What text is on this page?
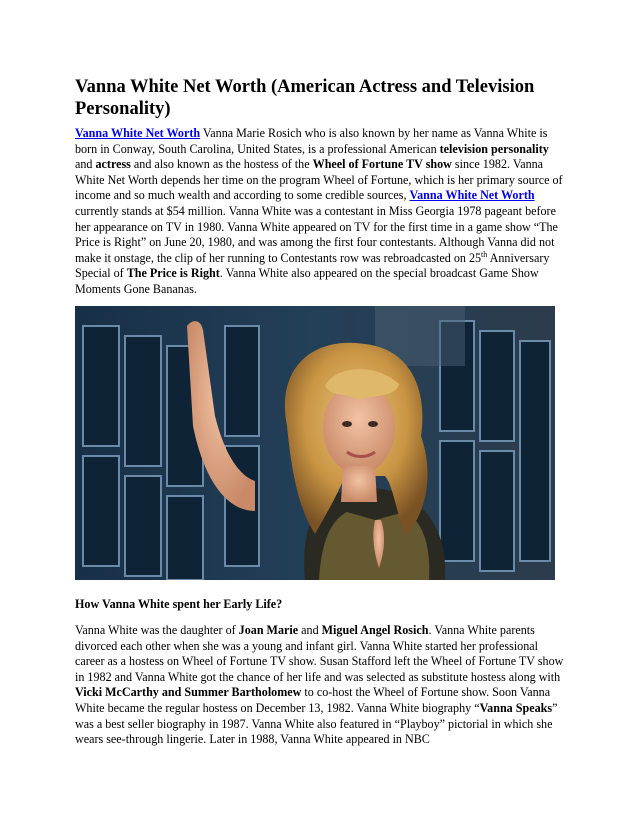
Vanna White Net Worth (American Actress and Television Personality)

Vanna White Net Worth Vanna Marie Rosich who is also known by her name as Vanna White is born in Conway, South Carolina, United States, is a professional American television personality and actress and also known as the hostess of the Wheel of Fortune TV show since 1982. Vanna White Net Worth depends her time on the program Wheel of Fortune, which is her primary source of income and so much wealth and according to some credible sources, Vanna White Net Worth currently stands at $54 million. Vanna White was a contestant in Miss Georgia 1978 pageant before her appearance on TV in 1980. Vanna White appeared on TV for the first time in a game show “The Price is Right” on June 20, 1980, and was among the first four contestants. Although Vanna did not make it onstage, the clip of her running to Contestants row was rebroadcasted on 25th Anniversary Special of The Price is Right. Vanna White also appeared on the special broadcast Game Show Moments Gone Bananas.

How Vanna White spent her Early Life?

Vanna White was the daughter of Joan Marie and Miguel Angel Rosich. Vanna White parents divorced each other when she was a young and infant girl. Vanna White started her professional career as a hostess on Wheel of Fortune TV show. Susan Stafford left the Wheel of Fortune TV show in 1982 and Vanna White got the chance of her life and was selected as substitute hostess along with Vicki McCarthy and Summer Bartholomew to co-host the Wheel of Fortune show. Soon Vanna White became the regular hostess on December 13, 1982. Vanna White biography “Vanna Speaks” was a best seller biography in 1987. Vanna White also featured in “Playboy” pictorial in which she wears see-through lingerie. Later in 1988, Vanna White appeared in NBC
